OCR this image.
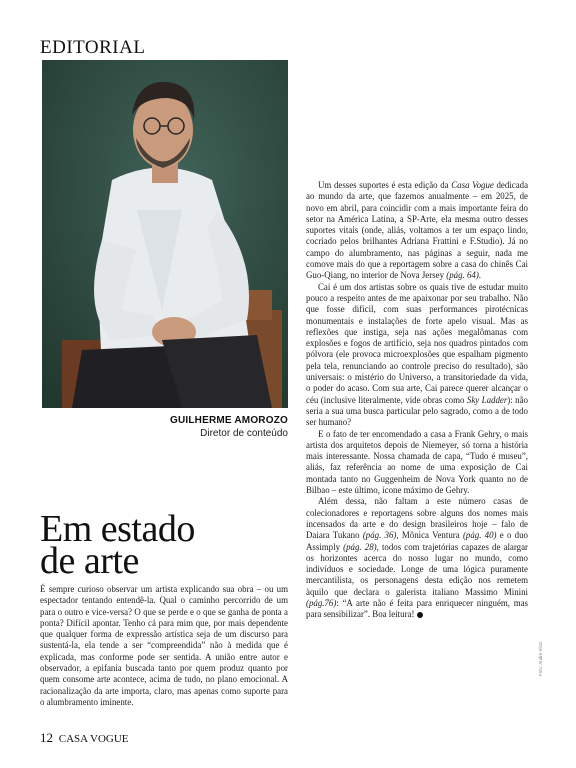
EDITORIAL
GUILHERME AMOROZO
Diretor de conteúdo
Em estado
de arte
É sempre curioso observar um artista explicando sua obra – ou um espectador tentando entendê-la. Qual o caminho percorrido de um para o outro e vice-versa? O que se perde e o que se ganha de ponta a ponta? Difícil apontar. Tenho cá para mim que, por mais dependente que qualquer forma de expressão artística seja de um discurso para sustentá-la, ela tende a ser “compreendida” não à medida que é explicada, mas conforme pode ser sentida. A união entre autor e observador, a epifania buscada tanto por quem produz quanto por quem consome arte acontece, acima de tudo, no plano emocional. A racionalização da arte importa, claro, mas apenas como suporte para o alumbramento iminente.

Um desses suportes é esta edição da Casa Vogue dedicada ao mundo da arte, que fazemos anualmente – em 2025, de novo em abril, para coincidir com a mais importante feira do setor na América Latina, a SP-Arte, ela mesma outro desses suportes vitais (onde, aliás, voltamos a ter um espaço lindo, cocriado pelos brilhantes Adriana Frattini e F.Studio). Já no campo do alumbramento, nas páginas a seguir, nada me comove mais do que a reportagem sobre a casa do chinês Cai Guo-Qiang, no interior de Nova Jersey (pág. 64).

Cai é um dos artistas sobre os quais tive de estudar muito pouco a respeito antes de me apaixonar por seu trabalho. Não que fosse difícil, com suas performances pirotécnicas monumentais e instalações de forte apelo visual. Mas as reflexões que instiga, seja nas ações megalômanas com explosões e fogos de artifício, seja nos quadros pintados com pólvora (ele provoca microexplosões que espalham pigmento pela tela, renunciando ao controle preciso do resultado), são universais: o mistério do Universo, a transitoriedade da vida, o poder do acaso. Com sua arte, Cai parece querer alcançar o céu (inclusive literalmente, vide obras como Sky Ladder): não seria a sua uma busca particular pelo sagrado, como a de todo ser humano?

E o fato de ter encomendado a casa a Frank Gehry, o mais artista dos arquitetos depois de Niemeyer, só torna a história mais interessante. Nossa chamada de capa, “Tudo é museu”, aliás, faz referência ao nome de uma exposição de Cai montada tanto no Guggenheim de Nova York quanto no de Bilbao – este último, ícone máximo de Gehry.

Além dessa, não faltam a este número casas de colecionadores e reportagens sobre alguns dos nomes mais incensados da arte e do design brasileiros hoje – falo de Daiara Tukano (pág. 36), Mônica Ventura (pág. 40) e o duo Assimply (pág. 28), todos com trajetórias capazes de alargar os horizontes acerca do nosso lugar no mundo, como indivíduos e sociedade. Longe de uma lógica puramente mercantilista, os personagens desta edição nos remetem àquilo que declara o galerista italiano Massimo Minini (pág.76): “A arte não é feita para enriquecer ninguém, mas para sensibilizar”. Boa leitura!

Foto: André Klotz
12 CASA VOGUE
